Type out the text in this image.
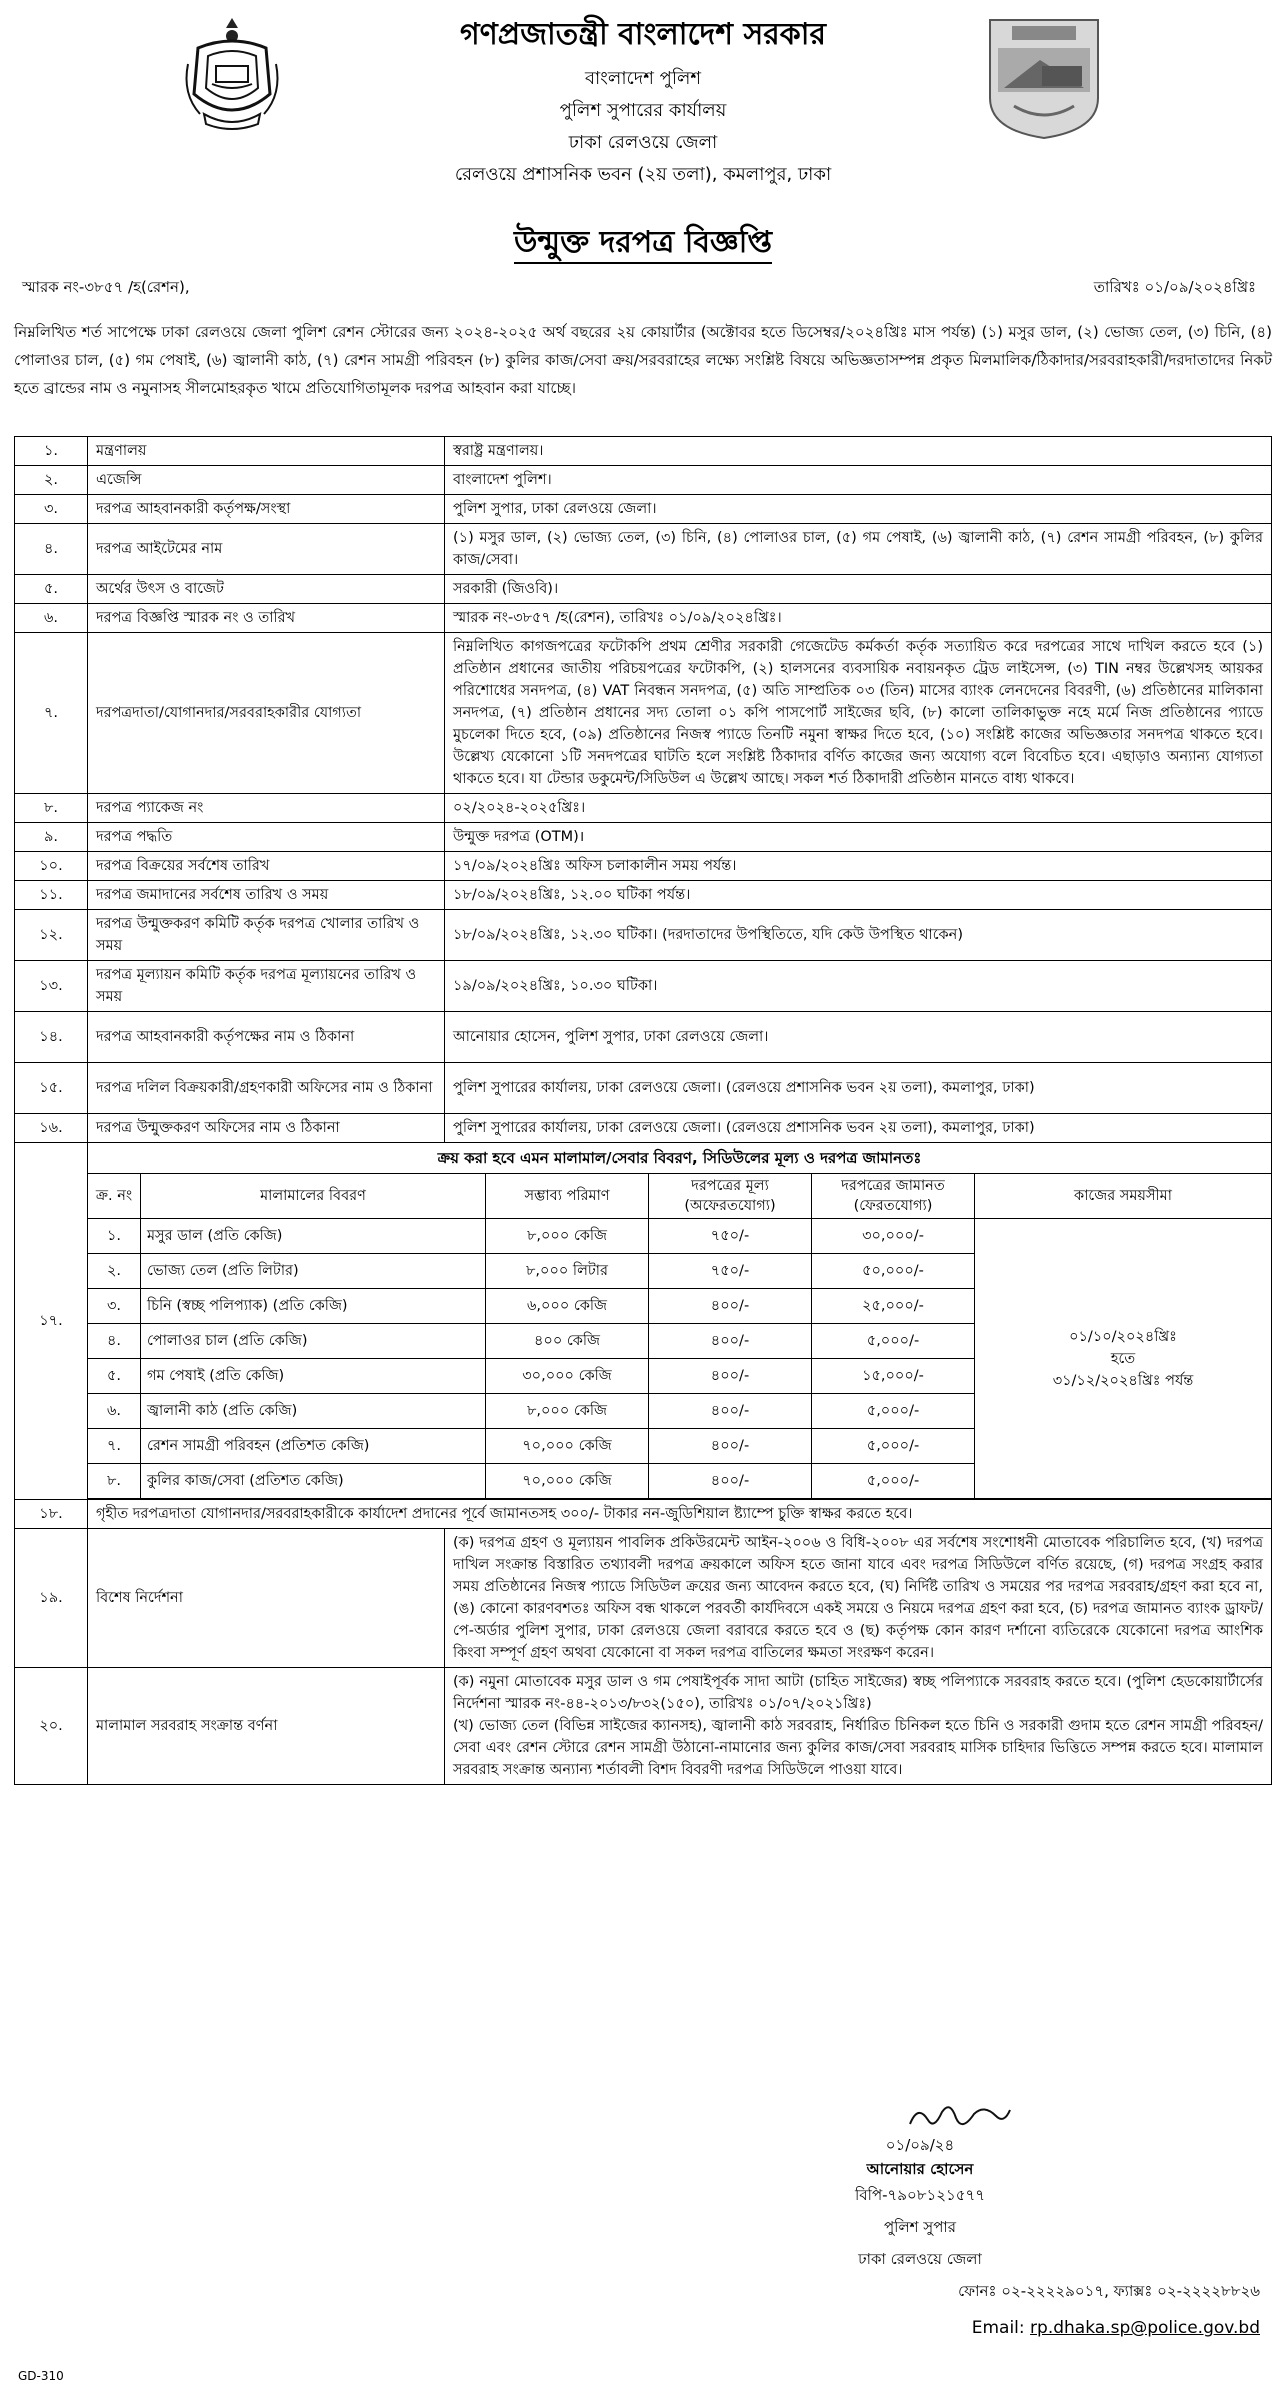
গণপ্রজাতন্ত্রী বাংলাদেশ সরকার
বাংলাদেশ পুলিশ
পুলিশ সুপারের কার্যালয়
ঢাকা রেলওয়ে জেলা
রেলওয়ে প্রশাসনিক ভবন (২য় তলা), কমলাপুর, ঢাকা
উন্মুক্ত দরপত্র বিজ্ঞপ্তি
স্মারক নং-৩৮৫৭ /হ(রেশন),	তারিখঃ ০১/০৯/২০২৪খ্রিঃ
নিম্নলিখিত শর্ত সাপেক্ষে ঢাকা রেলওয়ে জেলা পুলিশ রেশন স্টোরের জন্য ২০২৪-২০২৫ অর্থ বছরের ২য় কোয়ার্টার (অক্টোবর হতে ডিসেম্বর/২০২৪খ্রিঃ মাস পর্যন্ত) (১) মসুর ডাল, (২) ভোজ্য তেল, (৩) চিনি, (৪) পোলাওর চাল, (৫) গম পেষাই, (৬) জ্বালানী কাঠ, (৭) রেশন সামগ্রী পরিবহন (৮) কুলির কাজ/সেবা ক্রয়/সরবরাহের লক্ষ্যে সংশ্লিষ্ট বিষয়ে অভিজ্ঞতাসম্পন্ন প্রকৃত মিলমালিক/ঠিকাদার/সরবরাহকারী/দরদাতাদের নিকট হতে ব্রান্ডের নাম ও নমুনাসহ সীলমোহরকৃত খামে প্রতিযোগিতামূলক দরপত্র আহবান করা যাচ্ছে।
১.	মন্ত্রণালয়	স্বরাষ্ট্র মন্ত্রণালয়।
২.	এজেন্সি	বাংলাদেশ পুলিশ।
৩.	দরপত্র আহবানকারী কর্তৃপক্ষ/সংস্থা	পুলিশ সুপার, ঢাকা রেলওয়ে জেলা।
৪.	দরপত্র আইটেমের নাম	(১) মসুর ডাল, (২) ভোজ্য তেল, (৩) চিনি, (৪) পোলাওর চাল, (৫) গম পেষাই, (৬) জ্বালানী কাঠ, (৭) রেশন সামগ্রী পরিবহন, (৮) কুলির কাজ/সেবা।
৫.	অর্থের উৎস ও বাজেট	সরকারী (জিওবি)।
৬.	দরপত্র বিজ্ঞপ্তি স্মারক নং ও তারিখ	স্মারক নং-৩৮৫৭ /হ(রেশন), তারিখঃ ০১/০৯/২০২৪খ্রিঃ।
৭.	দরপত্রদাতা/যোগানদার/সরবরাহকারীর যোগ্যতা	নিম্নলিখিত কাগজপত্রের ফটোকপি প্রথম শ্রেণীর সরকারী গেজেটেড কর্মকর্তা কর্তৃক সত্যায়িত করে দরপত্রের সাথে দাখিল করতে হবে (১) প্রতিষ্ঠান প্রধানের জাতীয় পরিচয়পত্রের ফটোকপি, (২) হালসনের ব্যবসায়িক নবায়নকৃত ট্রেড লাইসেন্স, (৩) TIN নম্বর উল্লেখসহ আয়কর পরিশোধের সনদপত্র, (৪) VAT নিবন্ধন সনদপত্র, (৫) অতি সাম্প্রতিক ০৩ (তিন) মাসের ব্যাংক লেনদেনের বিবরণী, (৬) প্রতিষ্ঠানের মালিকানা সনদপত্র, (৭) প্রতিষ্ঠান প্রধানের সদ্য তোলা ০১ কপি পাসপোর্ট সাইজের ছবি, (৮) কালো তালিকাভুক্ত নহে মর্মে নিজ প্রতিষ্ঠানের প্যাডে মুচলেকা দিতে হবে, (০৯) প্রতিষ্ঠানের নিজস্ব প্যাডে তিনটি নমুনা স্বাক্ষর দিতে হবে, (১০) সংশ্লিষ্ট কাজের অভিজ্ঞতার সনদপত্র থাকতে হবে। উল্লেখ্য যেকোনো ১টি সনদপত্রের ঘাটতি হলে সংশ্লিষ্ট ঠিকাদার বর্ণিত কাজের জন্য অযোগ্য বলে বিবেচিত হবে। এছাড়াও অন্যান্য যোগ্যতা থাকতে হবে। যা টেন্ডার ডকুমেন্ট/সিডিউল এ উল্লেখ আছে। সকল শর্ত ঠিকাদারী প্রতিষ্ঠান মানতে বাধ্য থাকবে।
৮.	দরপত্র প্যাকেজ নং	০২/২০২৪-২০২৫খ্রিঃ।
৯.	দরপত্র পদ্ধতি	উন্মুক্ত দরপত্র (OTM)।
১০.	দরপত্র বিক্রয়ের সর্বশেষ তারিখ	১৭/০৯/২০২৪খ্রিঃ অফিস চলাকালীন সময় পর্যন্ত।
১১.	দরপত্র জমাদানের সর্বশেষ তারিখ ও সময়	১৮/০৯/২০২৪খ্রিঃ, ১২.০০ ঘটিকা পর্যন্ত।
১২.	দরপত্র উন্মুক্তকরণ কমিটি কর্তৃক দরপত্র খোলার তারিখ ও সময়	১৮/০৯/২০২৪খ্রিঃ, ১২.৩০ ঘটিকা। (দরদাতাদের উপস্থিতিতে, যদি কেউ উপস্থিত থাকেন)
১৩.	দরপত্র মূল্যায়ন কমিটি কর্তৃক দরপত্র মূল্যায়নের তারিখ ও সময়	১৯/০৯/২০২৪খ্রিঃ, ১০.৩০ ঘটিকা।
১৪.	দরপত্র আহবানকারী কর্তৃপক্ষের নাম ও ঠিকানা	আনোয়ার হোসেন, পুলিশ সুপার, ঢাকা রেলওয়ে জেলা।
১৫.	দরপত্র দলিল বিক্রয়কারী/গ্রহণকারী অফিসের নাম ও ঠিকানা	পুলিশ সুপারের কার্যালয়, ঢাকা রেলওয়ে জেলা। (রেলওয়ে প্রশাসনিক ভবন ২য় তলা), কমলাপুর, ঢাকা)
১৬.	দরপত্র উন্মুক্তকরণ অফিসের নাম ও ঠিকানা	পুলিশ সুপারের কার্যালয়, ঢাকা রেলওয়ে জেলা। (রেলওয়ে প্রশাসনিক ভবন ২য় তলা), কমলাপুর, ঢাকা)
১৭.	
ক্রয় করা হবে এমন মালামাল/সেবার বিবরণ, সিডিউলের মূল্য ও দরপত্র জামানতঃ
ক্র. নং	মালামালের বিবরণ	সম্ভাব্য পরিমাণ	দরপত্রের মূল্য (অফেরতযোগ্য)	দরপত্রের জামানত (ফেরতযোগ্য)	কাজের সময়সীমা
১.	মসুর ডাল (প্রতি কেজি)	৮,০০০ কেজি	৭৫০/-	৩০,০০০/-	
০১/১০/২০২৪খ্রিঃ
হতে
৩১/১২/২০২৪খ্রিঃ পর্যন্ত

২.	ভোজ্য তেল (প্রতি লিটার)	৮,০০০ লিটার	৭৫০/-	৫০,০০০/-
৩.	চিনি (স্বচ্ছ পলিপ্যাক) (প্রতি কেজি)	৬,০০০ কেজি	৪০০/-	২৫,০০০/-
৪.	পোলাওর চাল (প্রতি কেজি)	৪০০ কেজি	৪০০/-	৫,০০০/-
৫.	গম পেষাই (প্রতি কেজি)	৩০,০০০ কেজি	৪০০/-	১৫,০০০/-
৬.	জ্বালানী কাঠ (প্রতি কেজি)	৮,০০০ কেজি	৪০০/-	৫,০০০/-
৭.	রেশন সামগ্রী পরিবহন (প্রতিশত কেজি)	৭০,০০০ কেজি	৪০০/-	৫,০০০/-
৮.	কুলির কাজ/সেবা (প্রতিশত কেজি)	৭০,০০০ কেজি	৪০০/-	৫,০০০/-

১৮.	গৃহীত দরপত্রদাতা যোগানদার/সরবরাহকারীকে কার্যাদেশ প্রদানের পূর্বে জামানতসহ ৩০০/- টাকার নন-জুডিশিয়াল ষ্ট্যাম্পে চুক্তি স্বাক্ষর করতে হবে।
১৯.	বিশেষ নির্দেশনা	(ক) দরপত্র গ্রহণ ও মূল্যায়ন পাবলিক প্রকিউরমেন্ট আইন-২০০৬ ও বিধি-২০০৮ এর সর্বশেষ সংশোধনী মোতাবেক পরিচালিত হবে, (খ) দরপত্র দাখিল সংক্রান্ত বিস্তারিত তথ্যাবলী দরপত্র ক্রয়কালে অফিস হতে জানা যাবে এবং দরপত্র সিডিউলে বর্ণিত রয়েছে, (গ) দরপত্র সংগ্রহ করার সময় প্রতিষ্ঠানের নিজস্ব প্যাডে সিডিউল ক্রয়ের জন্য আবেদন করতে হবে, (ঘ) নির্দিষ্ট তারিখ ও সময়ের পর দরপত্র সরবরাহ/গ্রহণ করা হবে না, (ঙ) কোনো কারণবশতঃ অফিস বন্ধ থাকলে পরবর্তী কার্যদিবসে একই সময়ে ও নিয়মে দরপত্র গ্রহণ করা হবে, (চ) দরপত্র জামানত ব্যাংক ড্রাফট/পে-অর্ডার পুলিশ সুপার, ঢাকা রেলওয়ে জেলা বরাবরে করতে হবে ও (ছ) কর্তৃপক্ষ কোন কারণ দর্শানো ব্যতিরেকে যেকোনো দরপত্র আংশিক কিংবা সম্পূর্ণ গ্রহণ অথবা যেকোনো বা সকল দরপত্র বাতিলের ক্ষমতা সংরক্ষণ করেন।
২০.	মালামাল সরবরাহ সংক্রান্ত বর্ণনা	
(ক) নমুনা মোতাবেক মসুর ডাল ও গম পেষাইপূর্বক সাদা আটা (চাহিত সাইজের) স্বচ্ছ পলিপ্যাকে সরবরাহ করতে হবে। (পুলিশ হেডকোয়ার্টার্সের নির্দেশনা স্মারক নং-৪৪-২০১৩/৮৩২(১৫০), তারিখঃ ০১/০৭/২০২১খ্রিঃ)
(খ) ভোজ্য তেল (বিভিন্ন সাইজের ক্যানসহ), জ্বালানী কাঠ সরবরাহ, নির্ধারিত চিনিকল হতে চিনি ও সরকারী গুদাম হতে রেশন সামগ্রী পরিবহন/সেবা এবং রেশন স্টোরে রেশন সামগ্রী উঠানো-নামানোর জন্য কুলির কাজ/সেবা সরবরাহ মাসিক চাহিদার ভিত্তিতে সম্পন্ন করতে হবে। মালামাল সরবরাহ সংক্রান্ত অন্যান্য শর্তাবলী বিশদ বিবরণী দরপত্র সিডিউলে পাওয়া যাবে।
০১/০৯/২৪
আনোয়ার হোসেন
বিপি-৭৯০৮১২১৫৭৭
পুলিশ সুপার
ঢাকা রেলওয়ে জেলা
ফোনঃ ০২-২২২২৯০১৭, ফ্যাক্সঃ ০২-২২২২৮৮২৬
Email: rp.dhaka.sp@police.gov.bd
GD-310
